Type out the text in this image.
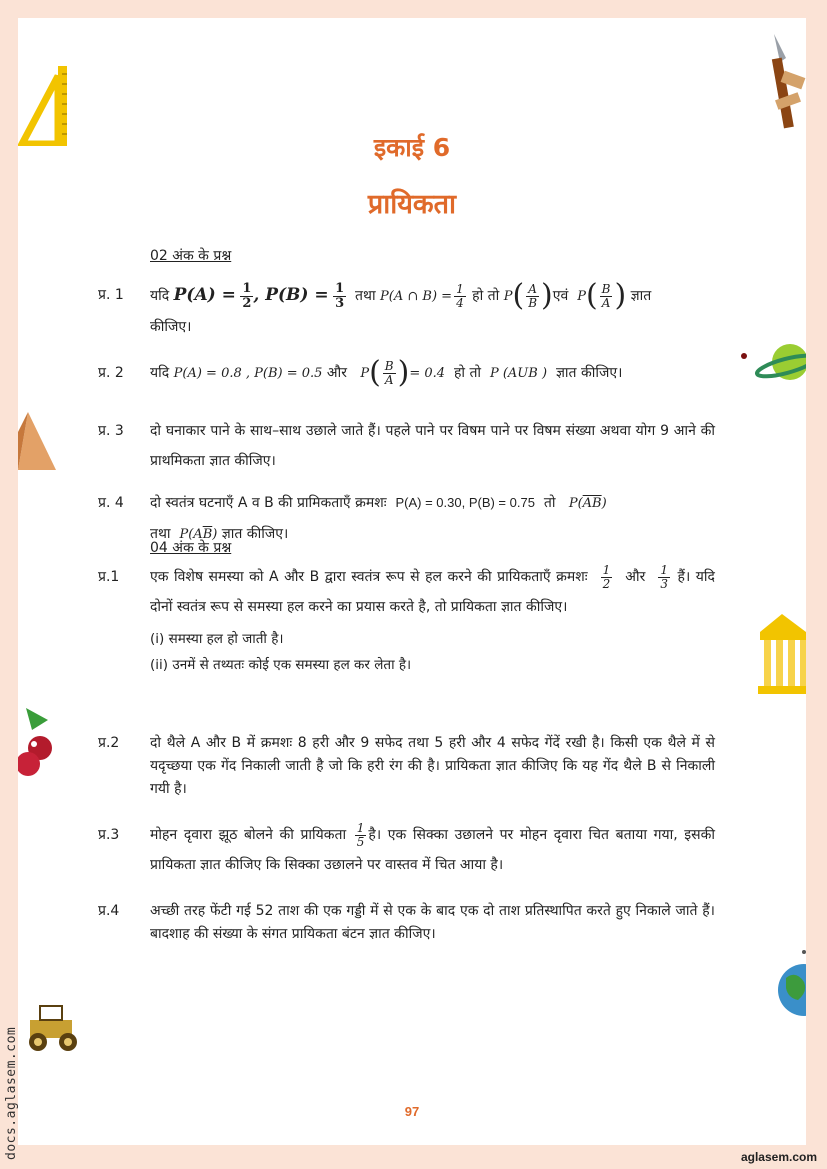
इकाई 6
प्रायिकता
02 अंक के प्रश्न
प्र. 1	यदि $P(A) = \frac{1}{2}$ , $P(B) = \frac{1}{3}$ तथा P(A ∩ $B) = \frac{1}{4}$ हो तो $P( \frac{A}{B}$ )एवं $P( \frac{B}{A}$ ) ज्ञात
कीजिए।
प्र. 2	यदि P(A) = 0.8 , P(B) = 0.5 और $P( \frac{B}{A}$ )= 0.4 हो तो P (AUB ) ज्ञात कीजिए।
प्र. 3	दो घनाकार पाने के साथ–साथ उछाले जाते हैं। पहले पाने पर विषम पाने पर विषम संख्या अथवा योग 9 आने की प्राथमिकता ज्ञात कीजिए।
प्र. 4	दो स्वतंत्र घटनाएँ A व B की प्रामिकताएँ क्रमशः P(A) = 0.30, P(B) = 0.75 तो $P(\overline{AB})$
तथा $P(A\overline{B})$ ज्ञात कीजिए।
04 अंक के प्रश्न
प्र.1	एक विशेष समस्या को A और B द्वारा स्वतंत्र रूप से हल करने की प्रायिकताएँ क्रमशः $\frac{1}{2}$ और $\frac{1}{3}$ हैं। यदि दोनों स्वतंत्र रूप से समस्या हल करने का प्रयास करते है, तो प्रायिकता ज्ञात कीजिए।
(i) समस्या हल हो जाती है।
(ii) उनमें से तथ्यतः कोई एक समस्या हल कर लेता है।
प्र.2	दो थैले A और B में क्रमशः 8 हरी और 9 सफेद तथा 5 हरी और 4 सफेद गेंदें रखी है। किसी एक थैले में से यदृच्छया एक गेंद निकाली जाती है जो कि हरी रंग की है। प्रायिकता ज्ञात कीजिए कि यह गेंद थैले B से निकाली गयी है।
प्र.3	मोहन दृवारा झूठ बोलने की प्रायिकता $\frac{1}{5}$ है। एक सिक्का उछालने पर मोहन दृवारा चित बताया गया, इसकी प्रायिकता ज्ञात कीजिए कि सिक्का उछालने पर वास्तव में चित आया है।
प्र.4	अच्छी तरह फेंटी गई 52 ताश की एक गड्डी में से एक के बाद एक दो ताश प्रतिस्थापित करते हुए निकाले जाते हैं। बादशाह की संख्या के संगत प्रायिकता बंटन ज्ञात कीजिए।
97
docs.aglasem.com	aglasem.com
